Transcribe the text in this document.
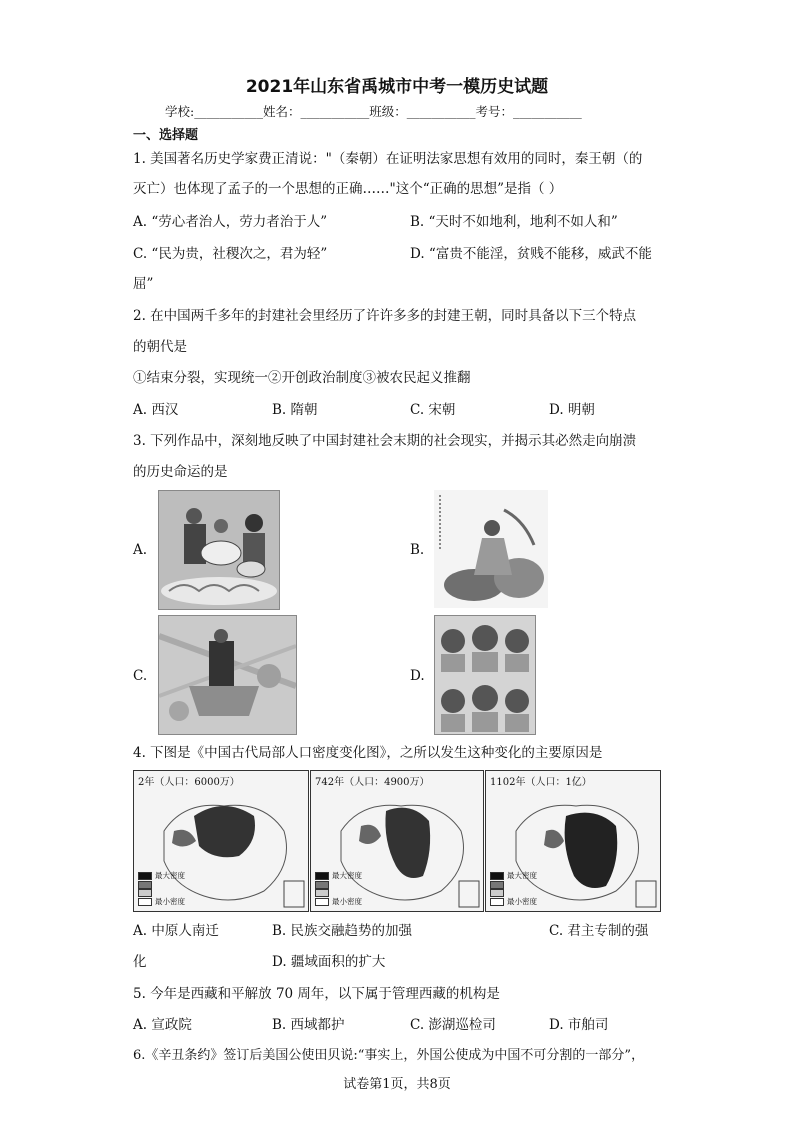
2021年山东省禹城市中考一模历史试题
学校:___________姓名：___________班级：___________考号：___________
一、选择题
1. 美国著名历史学家费正清说："（秦朝）在证明法家思想有效用的同时，秦王朝（的
灭亡）也体现了孟子的一个思想的正确……"这个“正确的思想”是指（ ）
A. “劳心者治人，劳力者治于人”	B. “天时不如地利，地利不如人和”
C. “民为贵，社稷次之，君为轻”	D. “富贵不能淫，贫贱不能移，威武不能
屈”
2. 在中国两千多年的封建社会里经历了许许多多的封建王朝，同时具备以下三个特点
的朝代是
①结束分裂，实现统一②开创政治制度③被农民起义推翻
A. 西汉	B. 隋朝	C. 宋朝	D. 明朝
3. 下列作品中，深刻地反映了中国封建社会末期的社会现实，并揭示其必然走向崩溃
的历史命运的是
A.	B.
C.	D.
4. 下图是《中国古代局部人口密度变化图》，之所以发生这种变化的主要原因是
2年（人口：6000万）
最大密度
最小密度
742年（人口：4900万）
最大密度
最小密度
1102年（人口：1亿）
最大密度
最小密度
A. 中原人南迁	B. 民族交融趋势的加强	C. 君主专制的强
化	D. 疆域面积的扩大
5. 今年是西藏和平解放 70 周年，以下属于管理西藏的机构是
A. 宣政院	B. 西域都护	C. 澎湖巡检司	D. 市舶司
6.《辛丑条约》签订后美国公使田贝说:“事实上，外国公使成为中国不可分割的一部分”，
试卷第1页，共8页
